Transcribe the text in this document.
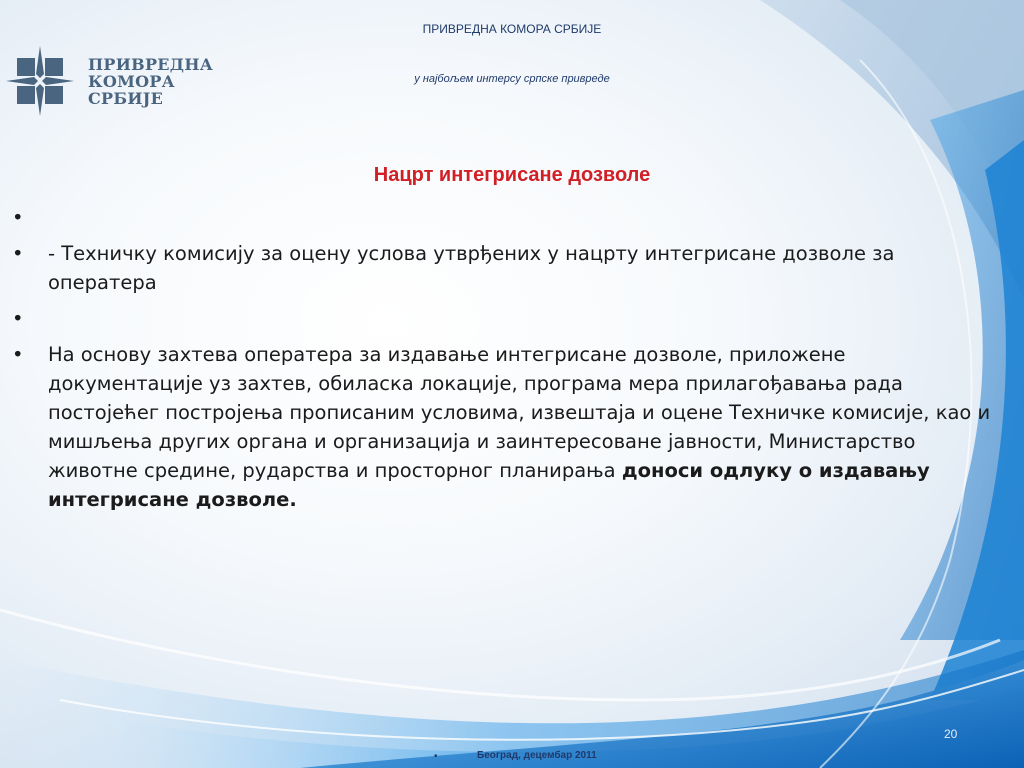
ПРИВРЕДНА
КОМОРА
СРБИЈЕ
ПРИВРЕДНА КОМОРА СРБИЈЕ
у најбољем интерсу српске привреде
Нацрт интегрисане дозволе
•
•	- Техничку комисију за оцену услова утврђених у нацрту интегрисане дозволе за оператера
•
•	На основу захтева оператера за издавање интегрисане дозволе, приложене документације уз захтев, обиласка локације, програма мера прилагођавања рада постојећег постројења прописаним условима, извештаја и оцене Техничке комисије, као и мишљења других органа и организација и заинтересоване јавности, Министарство животне средине, рударства и просторног планирања доноси одлуку о издавању интегрисане дозволе.
•	Београд, децембар 2011
20
